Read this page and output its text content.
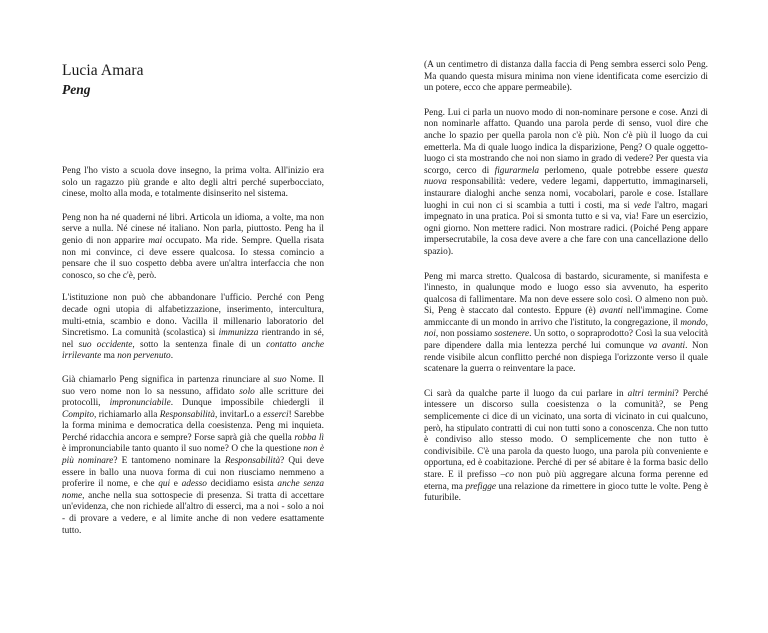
Lucia Amara
Peng

Peng l'ho visto a scuola dove insegno, la prima volta. All'inizio era solo un ragazzo più grande e alto degli altri perché superbocciato, cinese, molto alla moda, e totalmente disinserito nel sistema.

Peng non ha né quaderni né libri. Articola un idioma, a volte, ma non serve a nulla. Né cinese né italiano. Non parla, piuttosto. Peng ha il genio di non apparire mai occupato. Ma ride. Sempre. Quella risata non mi convince, ci deve essere qualcosa. Io stessa comincio a pensare che il suo cospetto debba avere un'altra interfaccia che non conosco, so che c'è, però.

L'istituzione non può che abbandonare l'ufficio. Perché con Peng decade ogni utopia di alfabetizzazione, inserimento, intercultura, multi-etnia, scambio e dono. Vacilla il millenario laboratorio del Sincretismo. La comunità (scolastica) si immunizza rientrando in sé, nel suo occidente, sotto la sentenza finale di un contatto anche irrilevante ma non pervenuto.

Già chiamarlo Peng significa in partenza rinunciare al suo Nome. Il suo vero nome non lo sa nessuno, affidato solo alle scritture dei protocolli, impronunciabile. Dunque impossibile chiedergli il Compito, richiamarlo alla Responsabilità, invitarLo a esserci! Sarebbe la forma minima e democratica della coesistenza. Peng mi inquieta. Perché ridacchia ancora e sempre? Forse saprà già che quella robba lì è impronunciabile tanto quanto il suo nome? O che la questione non è più nominare? E tantomeno nominare la Responsabilità? Qui deve essere in ballo una nuova forma di cui non riusciamo nemmeno a proferire il nome, e che qui e adesso decidiamo esista anche senza nome, anche nella sua sottospecie di presenza. Si tratta di accettare un'evidenza, che non richiede all'altro di esserci, ma a noi - solo a noi - di provare a vedere, e al limite anche di non vedere esattamente tutto.

(A un centimetro di distanza dalla faccia di Peng sembra esserci solo Peng. Ma quando questa misura minima non viene identificata come esercizio di un potere, ecco che appare permeabile).

Peng. Lui ci parla un nuovo modo di non-nominare persone e cose. Anzi di non nominarle affatto. Quando una parola perde di senso, vuol dire che anche lo spazio per quella parola non c'è più. Non c'è più il luogo da cui emetterla. Ma di quale luogo indica la disparizione, Peng? O quale oggetto-luogo ci sta mostrando che noi non siamo in grado di vedere? Per questa via scorgo, cerco di figurarmela perlomeno, quale potrebbe essere questa nuova responsabilità: vedere, vedere legami, dappertutto, immaginarseli, instaurare dialoghi anche senza nomi, vocabolari, parole e cose. Istallare luoghi in cui non ci si scambia a tutti i costi, ma si vede l'altro, magari impegnato in una pratica. Poi si smonta tutto e si va, via! Fare un esercizio, ogni giorno. Non mettere radici. Non mostrare radici. (Poiché Peng appare impersecrutabile, la cosa deve avere a che fare con una cancellazione dello spazio).

Peng mi marca stretto. Qualcosa di bastardo, sicuramente, si manifesta e l'innesto, in qualunque modo e luogo esso sia avvenuto, ha esperito qualcosa di fallimentare. Ma non deve essere solo così. O almeno non può. Si, Peng è staccato dal contesto. Eppure (è) avanti nell'immagine. Come ammiccante di un mondo in arrivo che l'istituto, la congregazione, il mondo, noi, non possiamo sostenere. Un sotto, o sopraprodotto? Così la sua velocità pare dipendere dalla mia lentezza perché lui comunque va avanti. Non rende visibile alcun conflitto perché non dispiega l'orizzonte verso il quale scatenare la guerra o reinventare la pace.

Ci sarà da qualche parte il luogo da cui parlare in altri termini? Perché intessere un discorso sulla coesistenza o la comunità?, se Peng semplicemente ci dice di un vicinato, una sorta di vicinato in cui qualcuno, però, ha stipulato contratti di cui non tutti sono a conoscenza. Che non tutto è condiviso allo stesso modo. O semplicemente che non tutto è condivisibile. C'è una parola da questo luogo, una parola più conveniente e opportuna, ed è coabitazione. Perché di per sé abitare è la forma basic dello stare. E il prefisso –co non può più aggregare alcuna forma perenne ed eterna, ma prefigge una relazione da rimettere in gioco tutte le volte. Peng è futuribile.
